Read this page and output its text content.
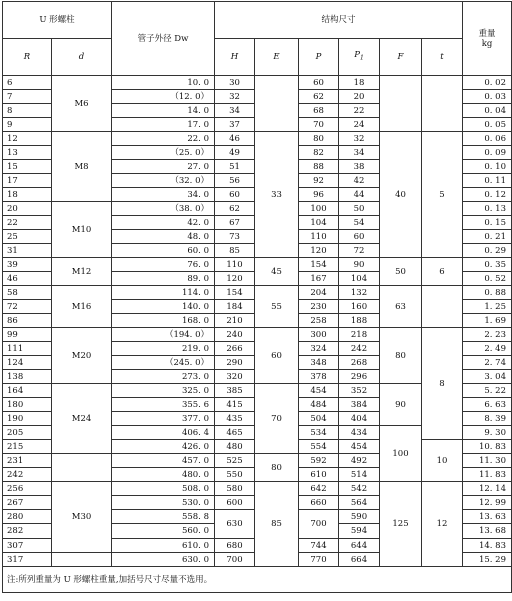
U 形螺柱		管子外径 Dw	结构尺寸						重量
kg
R	d		H	E	P	$P_1$	F	t	
6	M6	10. 0	30		60	18			0. 02
7		（12. 0）	32		62	20			0. 03
8		14. 0	34		68	22			0. 04
9		17. 0	37		70	24			0. 05
12	M8	22. 0	46	33	80	32	40	5	0. 06
13		（25. 0）	49		82	34			0. 09
15		27. 0	51		88	38			0. 10
17		（32. 0）	56		92	42			0. 11
18		34. 0	60		96	44			0. 12
20	M10	（38. 0）	62		100	50			0. 13
22		42. 0	67		104	54			0. 15
25		48. 0	73		110	60			0. 21
31		60. 0	85		120	72			0. 29
39	M12	76. 0	110	45	154	90	50	6	0. 35
46		89. 0	120		167	104			0. 52
58	M16	114. 0	154	55	204	132	63		0. 88
72		140. 0	184		230	160			1. 25
86		168. 0	210		258	188			1. 69
99	M20	（194. 0）	240	60	300	218	80	8	2. 23
111		219. 0	266		324	242			2. 49
124		（245. 0）	290		348	268			2. 74
138		273. 0	320		378	296			3. 04
164	M24	325. 0	385	70	454	352	90		5. 22
180		355. 6	415		484	384			6. 63
190		377. 0	435		504	404			8. 39
205		406. 4	465		534	434	100		9. 30
215		426. 0	480		554	454		10	10. 83
231		457. 0	525	80	592	492			11. 30
242		480. 0	550		610	514			11. 83
256	M30	508. 0	580	85	642	542	125	12	12. 14
267		530. 0	600		660	564			12. 99
280		558. 8	630		700	590			13. 63
282		560. 0				594			13. 68
307		610. 0	680		744	644			14. 83
317		630. 0	700		770	664			15. 29
注:所列重量为 U 形螺柱重量,加括号尺寸尽量不选用。									
